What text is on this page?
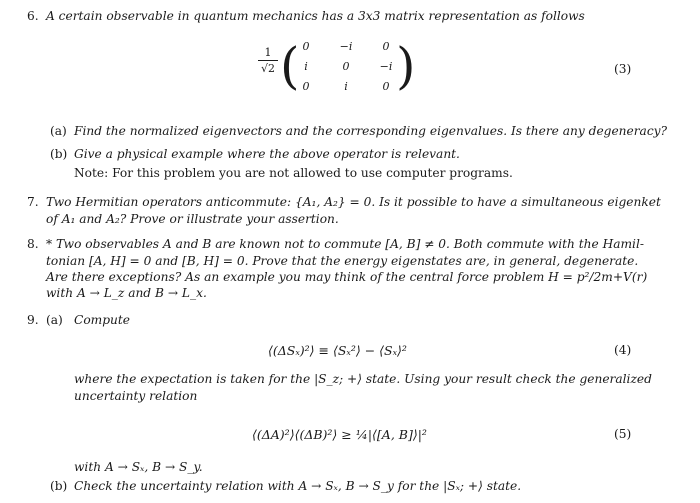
6. A certain observable in quantum mechanics has a 3x3 matrix representation as follows
1
√2 ( )
0	−i	0
i	0	−i
0	i	0
(3)
(a) Find the normalized eigenvectors and the corresponding eigenvalues. Is there any degeneracy?
(b) Give a physical example where the above operator is relevant.
Note: For this problem you are not allowed to use computer programs.
7. Two Hermitian operators anticommute: {A₁, A₂} = 0. Is it possible to have a simultaneous eigenket
of A₁ and A₂? Prove or illustrate your assertion.
8. * Two observables A and B are known not to commute [A, B] ≠ 0. Both commute with the Hamil-
tonian [A, H] = 0 and [B, H] = 0. Prove that the energy eigenstates are, in general, degenerate.
Are there exceptions? As an example you may think of the central force problem H = p²/2m+V(r)
with A → L_z and B → L_x.
9. (a) Compute
⟨(ΔSₓ)²⟩ ≡ ⟨Sₓ²⟩ − ⟨Sₓ⟩²	(4)
where the expectation is taken for the |S_z; +⟩ state. Using your result check the generalized
uncertainty relation
⟨(ΔA)²⟩⟨(ΔB)²⟩ ≥ ¼|⟨[A, B]⟩|²	(5)
with A → Sₓ, B → S_y.
(b) Check the uncertainty relation with A → Sₓ, B → S_y for the |Sₓ; +⟩ state.
